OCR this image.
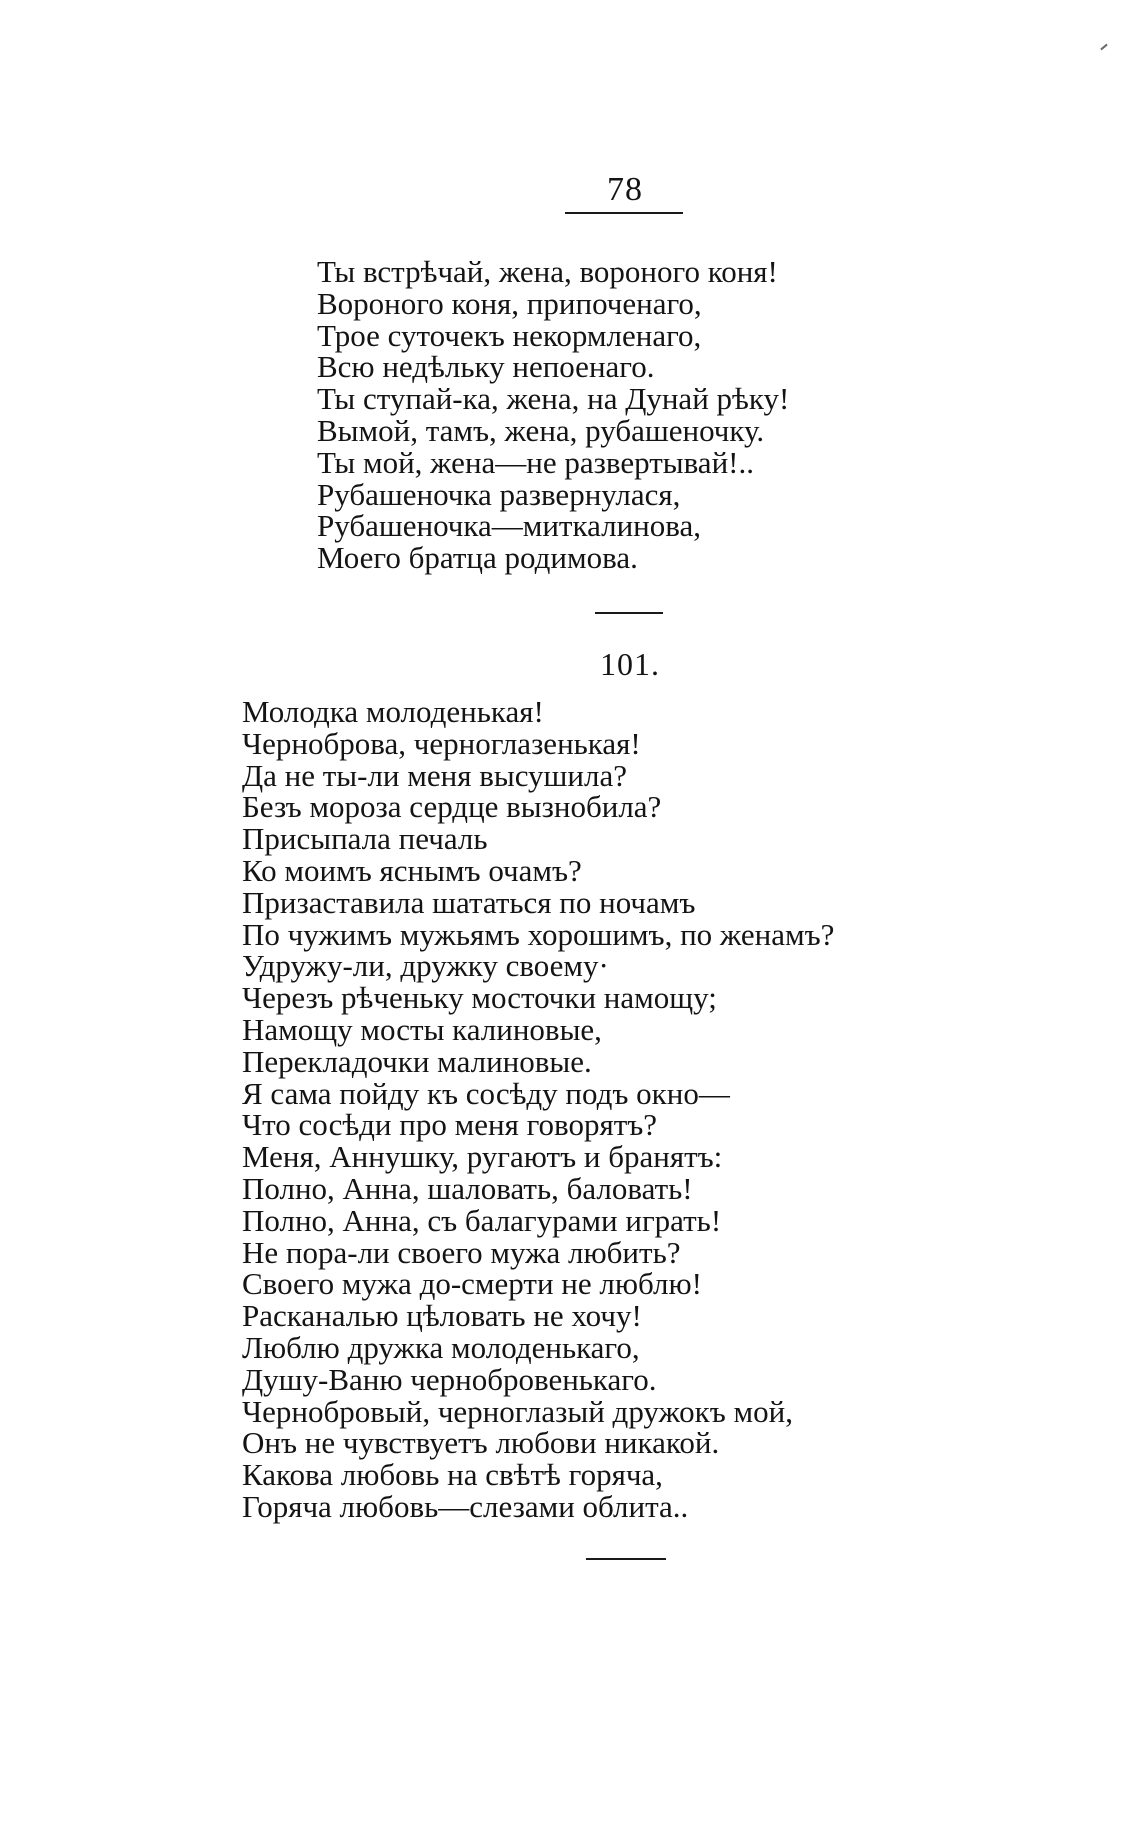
78
Ты встрѣчай, жена, вороного коня!
Вороного коня, припоченаго,
Трое суточекъ некормленаго,
Всю недѣльку непоенаго.
Ты ступай-ка, жена, на Дунай рѣку!
Вымой, тамъ, жена, рубашеночку.
Ты мой, жена—не развертывай!..
Рубашеночка развернулася,
Рубашеночка—миткалинова,
Моего братца родимова.
101.
Молодка молоденькая!
Черноброва, черноглазенькая!
Да не ты-ли меня высушила?
Безъ мороза сердце вызнобила?
Присыпала печаль
Ко моимъ яснымъ очамъ?
Призаставила шататься по ночамъ
По чужимъ мужьямъ хорошимъ, по женамъ?
Удружу-ли, дружку своему·
Черезъ рѣченьку мосточки намощу;
Намощу мосты калиновые,
Перекладочки малиновые.
Я сама пойду къ сосѣду подъ окно—
Что сосѣди про меня говорятъ?
Меня, Аннушку, ругаютъ и бранятъ:
Полно, Анна, шаловать, баловать!
Полно, Анна, съ балагурами играть!
Не пора-ли своего мужа любить?
Своего мужа до-смерти не люблю!
Расканалью цѣловать не хочу!
Люблю дружка молоденькаго,
Душу-Ваню чернобровенькаго.
Чернобровый, черноглазый дружокъ мой,
Онъ не чувствуетъ любови никакой.
Какова любовь на свѣтѣ горяча,
Горяча любовь—слезами облита..
